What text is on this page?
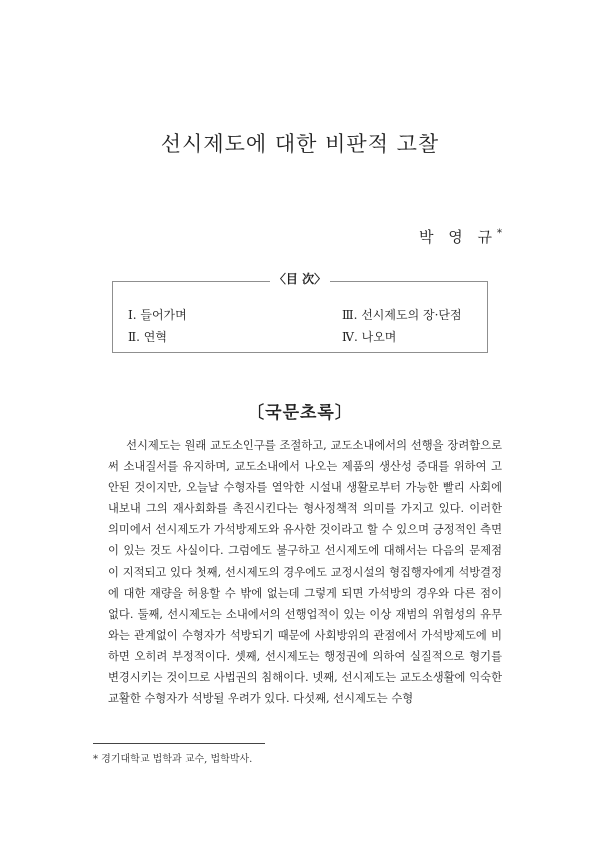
선시제도에 대한 비판적 고찰
박 영 규*
〈目 次〉
Ⅰ. 들어가며
Ⅱ. 연혁
Ⅲ. 선시제도의 장·단점
Ⅳ. 나오며
〔국문초록〕

선시제도는 원래 교도소인구를 조절하고, 교도소내에서의 선행을 장려함으로써 소내질서를 유지하며, 교도소내에서 나오는 제품의 생산성 증대를 위하여 고안된 것이지만, 오늘날 수형자를 열악한 시설내 생활로부터 가능한 빨리 사회에 내보내 그의 재사회화를 촉진시킨다는 형사정책적 의미를 가지고 있다. 이러한 의미에서 선시제도가 가석방제도와 유사한 것이라고 할 수 있으며 긍정적인 측면이 있는 것도 사실이다. 그럼에도 불구하고 선시제도에 대해서는 다음의 문제점이 지적되고 있다 첫째, 선시제도의 경우에도 교정시설의 형집행자에게 석방결정에 대한 재량을 허용할 수 밖에 없는데 그렇게 되면 가석방의 경우와 다른 점이 없다. 둘째, 선시제도는 소내에서의 선행업적이 있는 이상 재범의 위험성의 유무와는 관계없이 수형자가 석방되기 때문에 사회방위의 관점에서 가석방제도에 비하면 오히려 부정적이다. 셋째, 선시제도는 행정권에 의하여 실질적으로 형기를 변경시키는 것이므로 사법권의 침해이다. 넷째, 선시제도는 교도소생활에 익숙한 교활한 수형자가 석방될 우려가 있다. 다섯째, 선시제도는 수형

* 경기대학교 법학과 교수, 법학박사.
